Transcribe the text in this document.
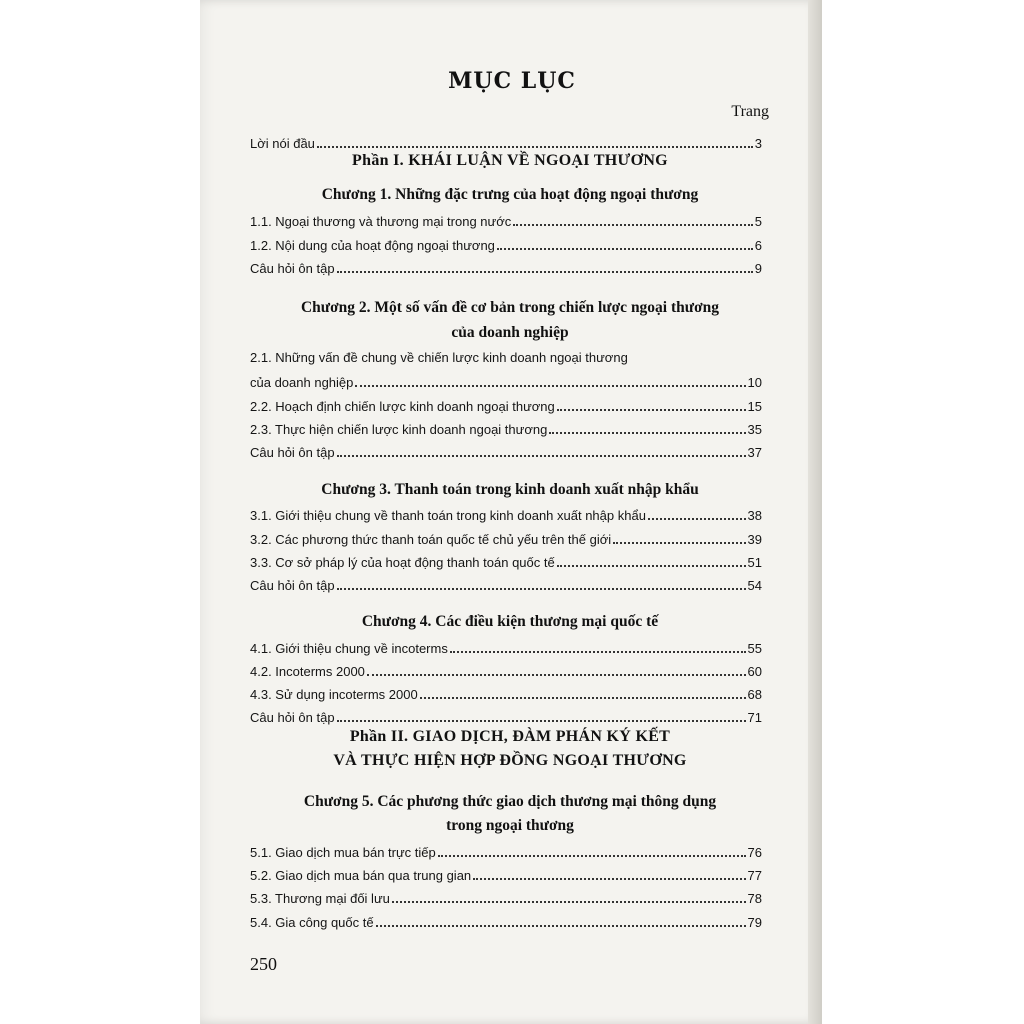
MỤC LỤC
Trang
Lời nói đầu	3
Phần I. KHÁI LUẬN VỀ NGOẠI THƯƠNG
Chương 1. Những đặc trưng của hoạt động ngoại thương
1.1. Ngoại thương và thương mại trong nước	5
1.2. Nội dung của hoạt động ngoại thương	6
Câu hỏi ôn tập	9
Chương 2. Một số vấn đề cơ bản trong chiến lược ngoại thương
của doanh nghiệp
2.1. Những vấn đề chung về chiến lược kinh doanh ngoại thương
của doanh nghiệp	10
2.2. Hoạch định chiến lược kinh doanh ngoại thương	15
2.3. Thực hiện chiến lược kinh doanh ngoại thương	35
Câu hỏi ôn tập	37
Chương 3. Thanh toán trong kinh doanh xuất nhập khẩu
3.1. Giới thiệu chung về thanh toán trong kinh doanh xuất nhập khẩu	38
3.2. Các phương thức thanh toán quốc tế chủ yếu trên thế giới	39
3.3. Cơ sở pháp lý của hoạt động thanh toán quốc tế	51
Câu hỏi ôn tập	54
Chương 4. Các điều kiện thương mại quốc tế
4.1. Giới thiệu chung về incoterms	55
4.2. Incoterms 2000	60
4.3. Sử dụng incoterms 2000	68
Câu hỏi ôn tập	71
Phần II. GIAO DỊCH, ĐÀM PHÁN KÝ KẾT
VÀ THỰC HIỆN HỢP ĐỒNG NGOẠI THƯƠNG
Chương 5. Các phương thức giao dịch thương mại thông dụng
trong ngoại thương
5.1. Giao dịch mua bán trực tiếp	76
5.2. Giao dịch mua bán qua trung gian	77
5.3. Thương mại đối lưu	78
5.4. Gia công quốc tế	79
250
